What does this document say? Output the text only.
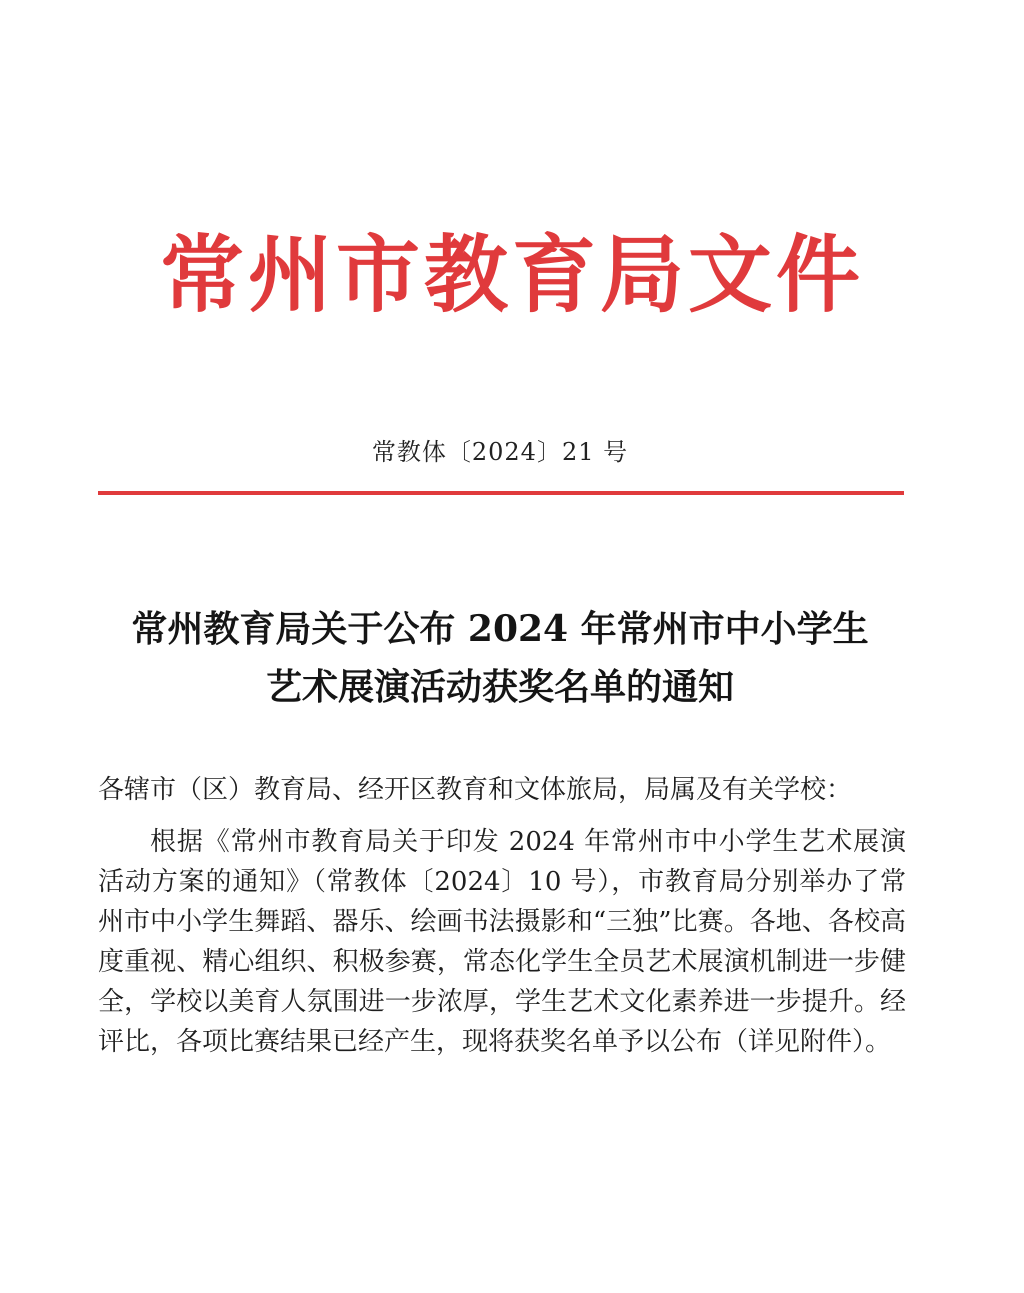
常州市教育局文件
常教体〔2024〕21 号
常州教育局关于公布 2024 年常州市中小学生
艺术展演活动获奖名单的通知
各辖市（区）教育局、经开区教育和文体旅局，局属及有关学校：

根据《常州市教育局关于印发 2024 年常州市中小学生艺术展演活动方案的通知》（常教体〔2024〕10 号），市教育局分别举办了常州市中小学生舞蹈、器乐、绘画书法摄影和“三独”比赛。各地、各校高度重视、精心组织、积极参赛，常态化学生全员艺术展演机制进一步健全，学校以美育人氛围进一步浓厚，学生艺术文化素养进一步提升。经评比，各项比赛结果已经产生，现将获奖名单予以公布（详见附件）。
